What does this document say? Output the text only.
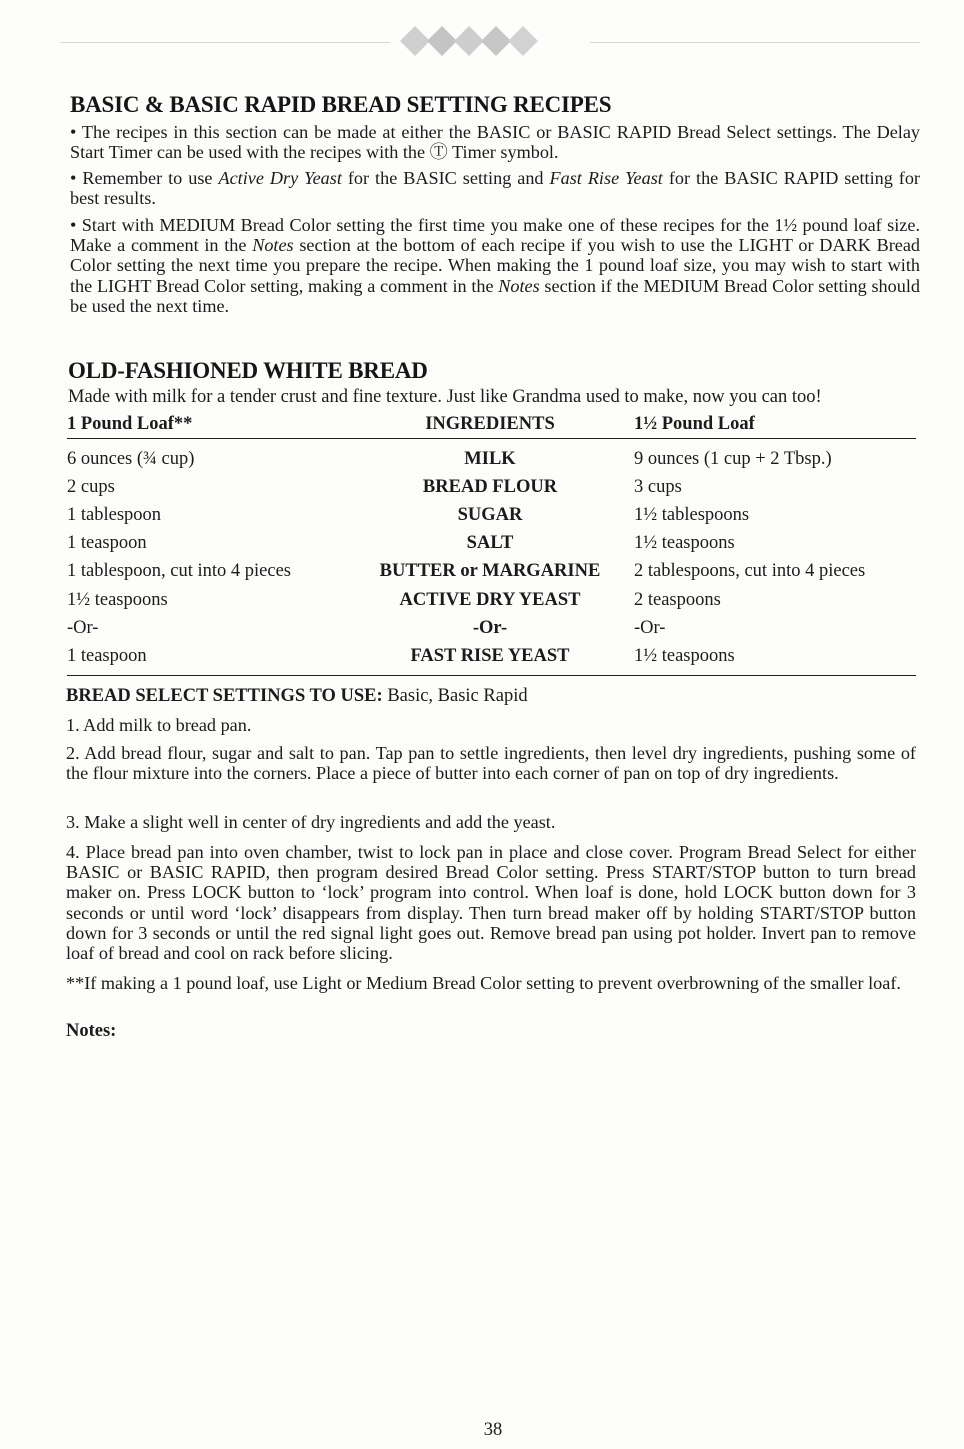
BASIC & BASIC RAPID BREAD SETTING RECIPES

• The recipes in this section can be made at either the BASIC or BASIC RAPID Bread Select settings. The Delay Start Timer can be used with the recipes with the Ⓣ Timer symbol.

• Remember to use Active Dry Yeast for the BASIC setting and Fast Rise Yeast for the BASIC RAPID setting for best results.

• Start with MEDIUM Bread Color setting the first time you make one of these recipes for the 1½ pound loaf size. Make a comment in the Notes section at the bottom of each recipe if you wish to use the LIGHT or DARK Bread Color setting the next time you prepare the recipe. When making the 1 pound loaf size, you may wish to start with the LIGHT Bread Color setting, making a comment in the Notes section if the MEDIUM Bread Color setting should be used the next time.

OLD-FASHIONED WHITE BREAD

Made with milk for a tender crust and fine texture. Just like Grandma used to make, now you can too!

1 Pound Loaf**	INGREDIENTS	1½ Pound Loaf
6 ounces (¾ cup)	MILK	9 ounces (1 cup + 2 Tbsp.)
2 cups	BREAD FLOUR	3 cups
1 tablespoon	SUGAR	1½ tablespoons
1 teaspoon	SALT	1½ teaspoons
1 tablespoon, cut into 4 pieces	BUTTER or MARGARINE	2 tablespoons, cut into 4 pieces
1½ teaspoons	ACTIVE DRY YEAST	2 teaspoons
-Or-	-Or-	-Or-
1 teaspoon	FAST RISE YEAST	1½ teaspoons

BREAD SELECT SETTINGS TO USE: Basic, Basic Rapid

1. Add milk to bread pan.

2. Add bread flour, sugar and salt to pan. Tap pan to settle ingredients, then level dry ingredients, pushing some of the flour mixture into the corners. Place a piece of butter into each corner of pan on top of dry ingredients.

3. Make a slight well in center of dry ingredients and add the yeast.

4. Place bread pan into oven chamber, twist to lock pan in place and close cover. Program Bread Select for either BASIC or BASIC RAPID, then program desired Bread Color setting. Press START/STOP button to turn bread maker on. Press LOCK button to ‘lock’ program into control. When loaf is done, hold LOCK button down for 3 seconds or until word ‘lock’ disappears from display. Then turn bread maker off by holding START/STOP button down for 3 seconds or until the red signal light goes out. Remove bread pan using pot holder. Invert pan to remove loaf of bread and cool on rack before slicing.

**If making a 1 pound loaf, use Light or Medium Bread Color setting to prevent overbrowning of the smaller loaf.

Notes:

38
